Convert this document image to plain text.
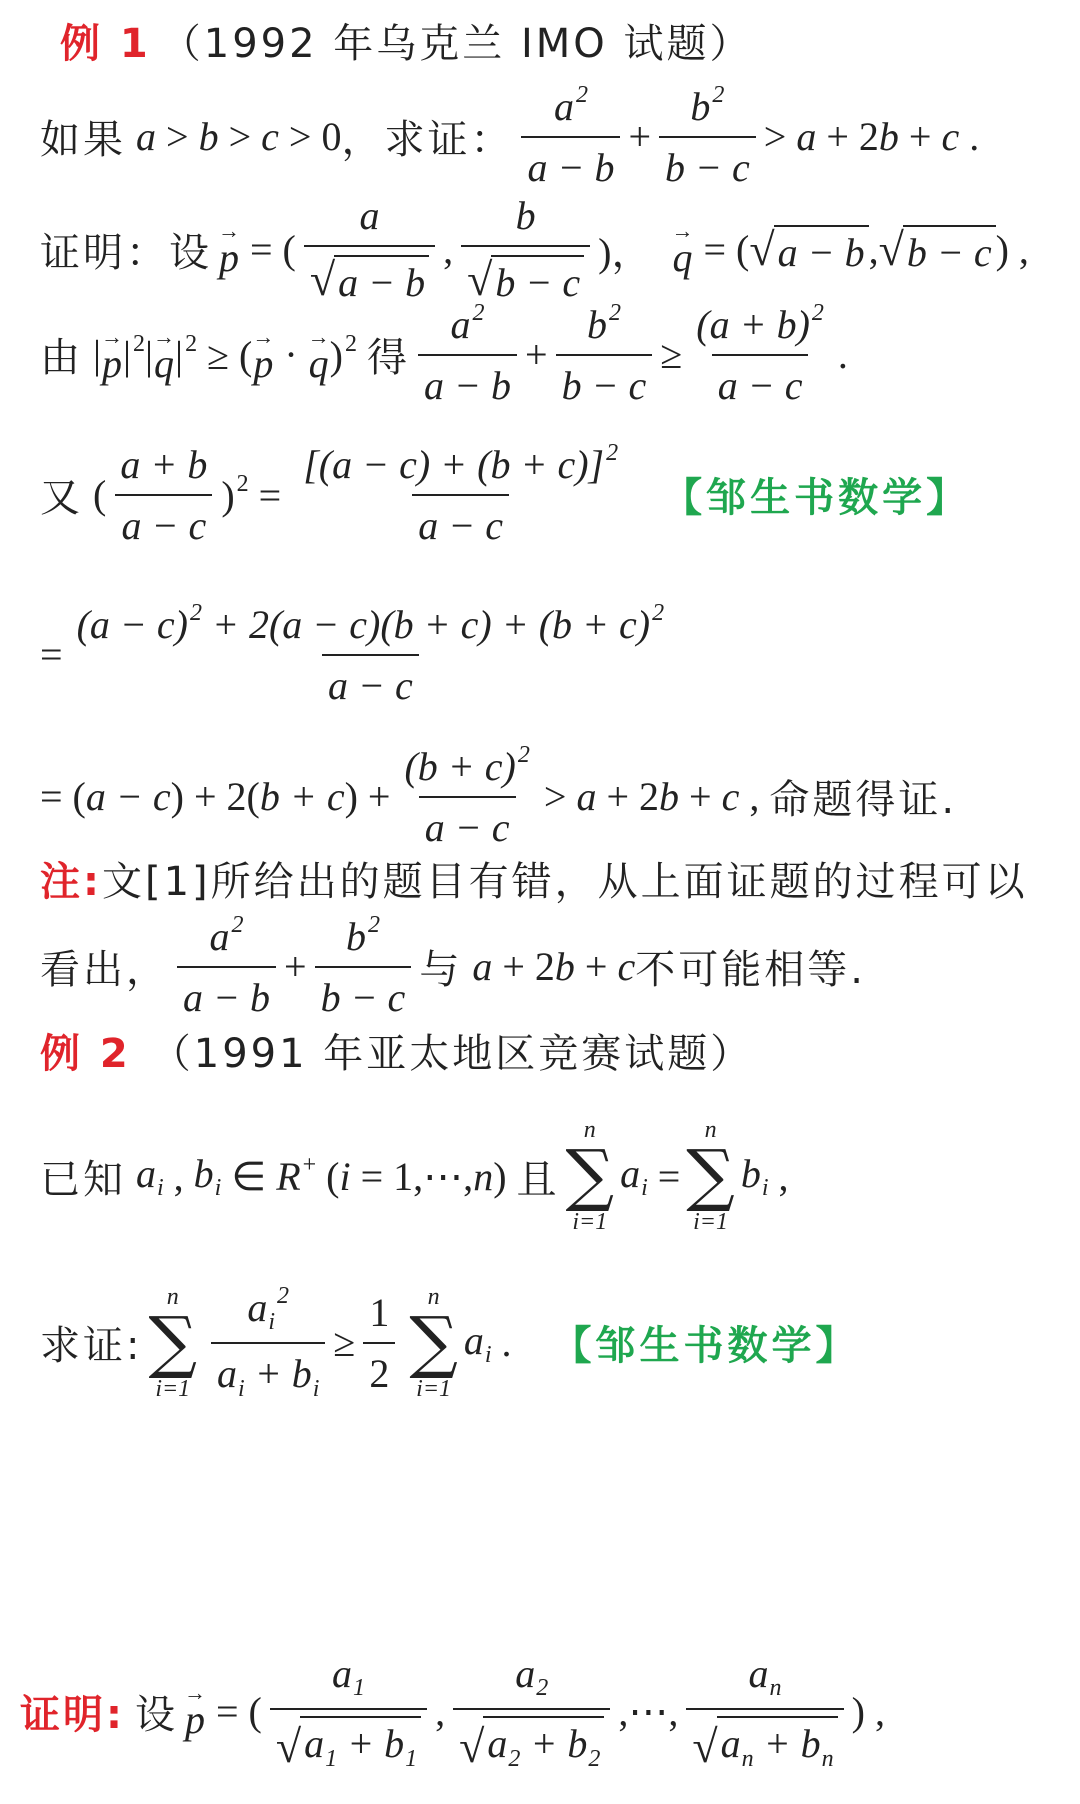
例 1 （1992 年乌克兰 IMO 试题）
如果 a > b > c > 0 ， 求证： $\frac{a^2}{a - b} + \frac{b^2}{b - c} > a + 2$ b + c .
证明： 设 →
p = ( $\frac{a}{√ a - b}$ , $\frac{b}{√ b - c}$ )， →
q = ( √ a − b , √ b − c ) ,
由 | →
p $|^2|$ →
q $|^2$ ≥ ( →
p · →
q )$^2$ 得 $\frac{a^2}{a - b} + \frac{b^2}{b - c} \ge \frac{(a + b)^2}{a - c}$ .
又 ( $\frac{a + b}{a - c} )^2 = \frac{[(a - c) + (b + c)]^2}{a - c}$ 【邹生书数学】
= $\frac{(a - c)^2 + 2(a - c)(b + c) + (b + c)^2}{a - c}$
= ( a − c ) + 2( b + c ) + $\frac{(b + c)^2}{a - c} > a + 2$ b + c , 命题得证.
注: 文[1]所给出的题目有错，从上面证题的过程可以
看出， $\frac{a^2}{a - b} + \frac{b^2}{b - c}$ 与 a + 2 b + c 不可能相等.
例 2 （1991 年亚太地区竞赛试题）
已知 $a_i$ , $b_i$ ∈ R + ( i = 1,⋯, n ) 且
n
∑
i=1
$a_i$ =
n
∑
i=1
$b_i$ ,
求证:
n
∑
$i=1 \frac{a_i^2}{a_i + b_i} \ge \frac{1}{2}$ n
∑
i=1
$a_i$ . 【邹生书数学】
证明: 设 →
p = ( $\frac{a_1}{√ a_1 + b_1}$ , $\frac{a_2}{√ a_2 + b_2}$ ,⋯, $\frac{a_n}{√ a_n + b_n}$ ) ,
